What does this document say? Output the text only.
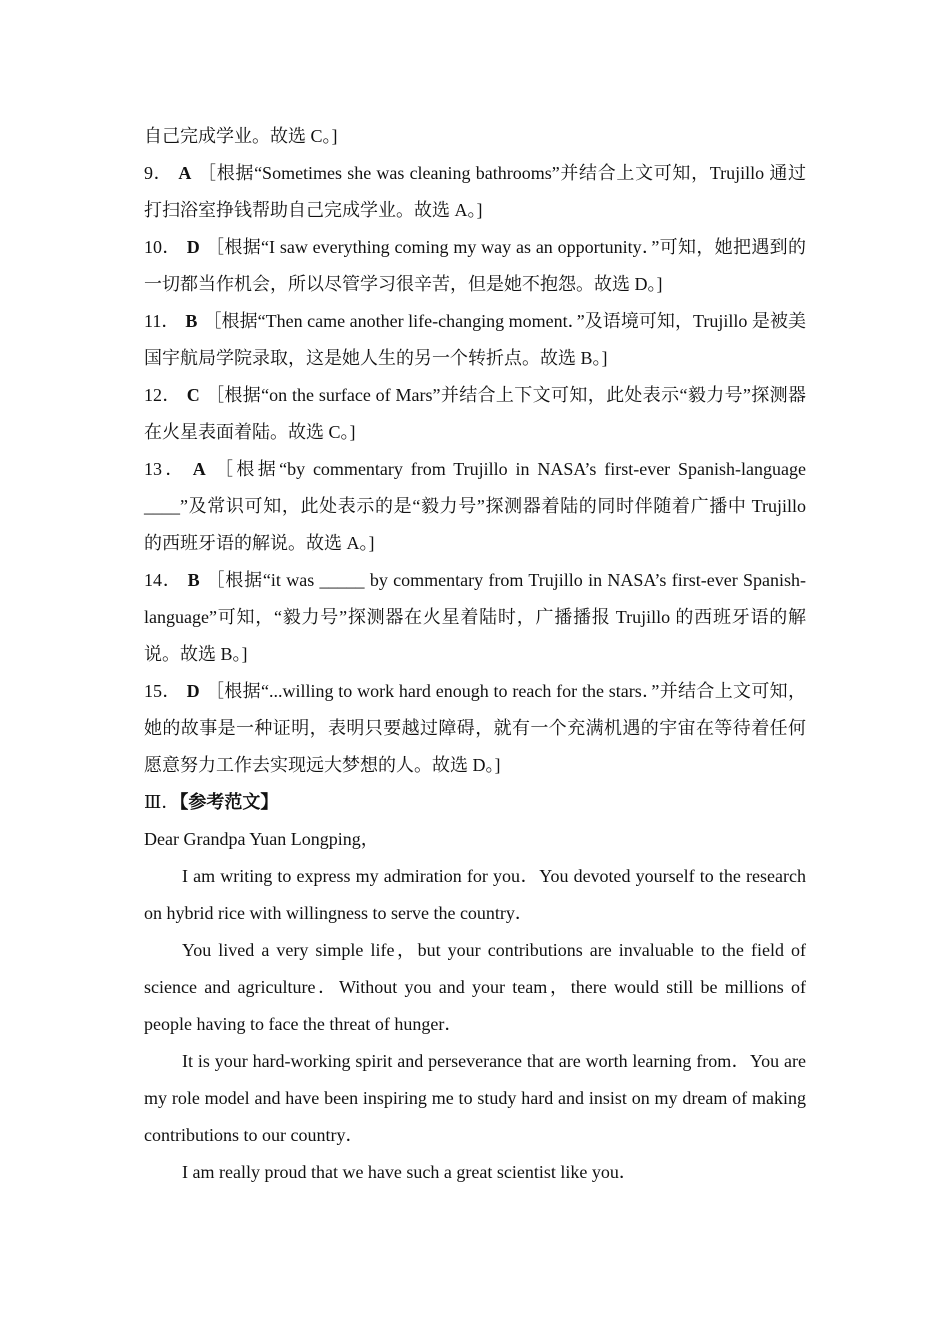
自己完成学业。故选 C。]

9． A ［根据“Sometimes she was cleaning bathrooms”并结合上文可知，Trujillo 通过打扫浴室挣钱帮助自己完成学业。故选 A。]

10． D ［根据“I saw everything coming my way as an opportunity．”可知，她把遇到的一切都当作机会，所以尽管学习很辛苦，但是她不抱怨。故选 D。]

11． B ［根据“Then came another life-changing moment．”及语境可知，Trujillo 是被美国宇航局学院录取，这是她人生的另一个转折点。故选 B。]

12． C ［根据“on the surface of Mars”并结合上下文可知，此处表示“毅力号”探测器在火星表面着陆。故选 C。]

13． A ［根据“by commentary from Trujillo in NASA’s first-ever Spanish-language ____”及常识可知，此处表示的是“毅力号”探测器着陆的同时伴随着广播中 Trujillo 的西班牙语的解说。故选 A。]

14． B ［根据“it was _____ by commentary from Trujillo in NASA’s first-ever Spanish-language”可知，“毅力号”探测器在火星着陆时，广播播报 Trujillo 的西班牙语的解说。故选 B。]

15． D ［根据“...willing to work hard enough to reach for the stars．”并结合上文可知，她的故事是一种证明，表明只要越过障碍，就有一个充满机遇的宇宙在等待着任何愿意努力工作去实现远大梦想的人。故选 D。]

Ⅲ．【参考范文】

Dear Grandpa Yuan Longping，

I am writing to express my admiration for you．You devoted yourself to the research on hybrid rice with willingness to serve the country．

You lived a very simple life，but your contributions are invaluable to the field of science and agriculture．Without you and your team，there would still be millions of people having to face the threat of hunger．

It is your hard-working spirit and perseverance that are worth learning from．You are my role model and have been inspiring me to study hard and insist on my dream of making contributions to our country．

I am really proud that we have such a great scientist like you．
